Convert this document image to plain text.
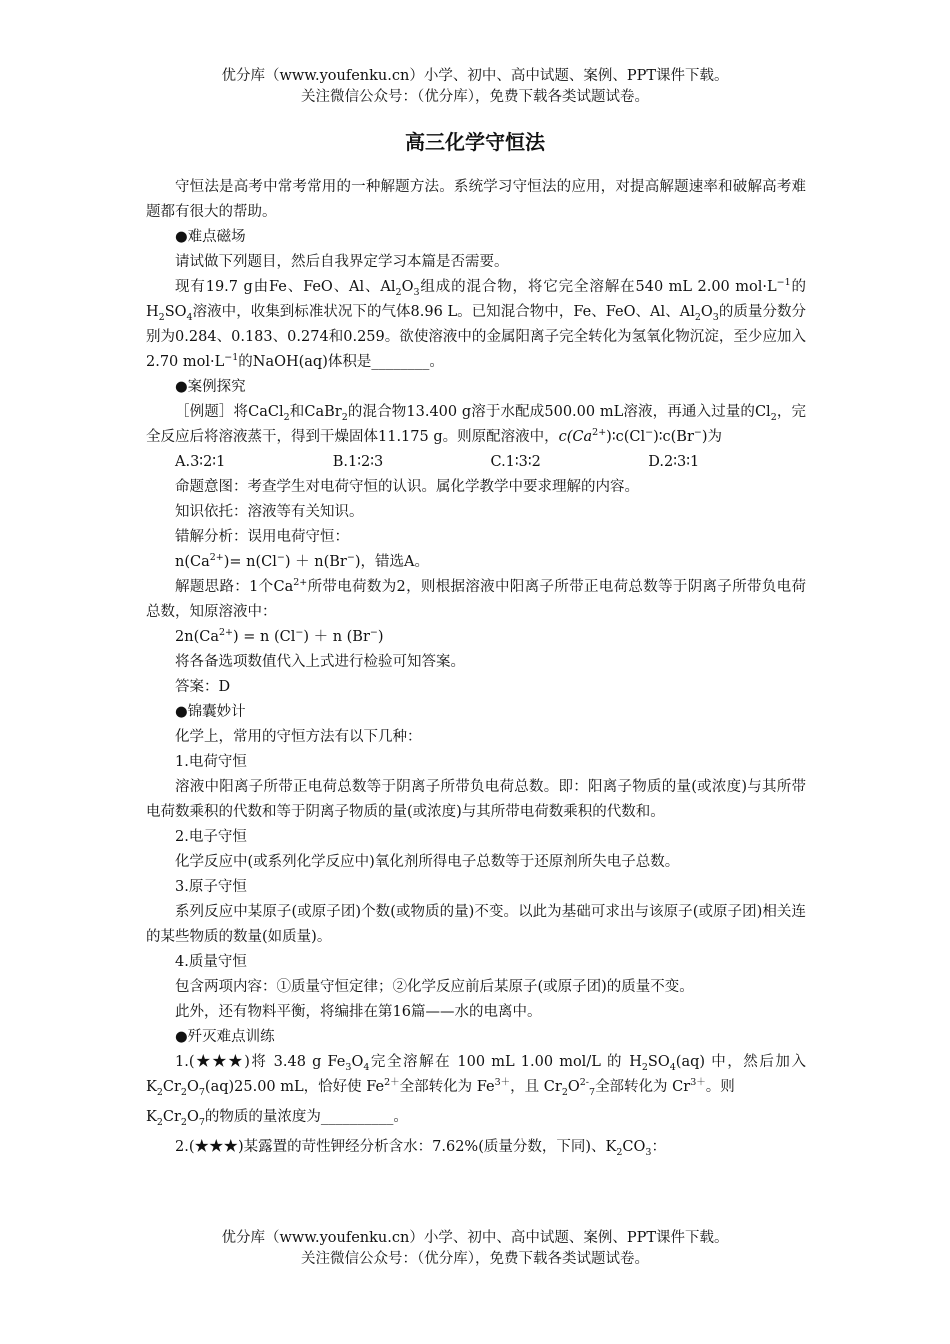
优分库（www.youfenku.cn）小学、初中、高中试题、案例、PPT课件下载。
关注微信公众号：（优分库），免费下载各类试题试卷。
高三化学守恒法

守恒法是高考中常考常用的一种解题方法。系统学习守恒法的应用，对提高解题速率和破解高考难题都有很大的帮助。

●难点磁场

请试做下列题目，然后自我界定学习本篇是否需要。

现有19.7 g由Fe、FeO、Al、$Al_2O_3$组成的混合物，将它完全溶解在540 mL 2.00 $mol\cdot L^{-1}$的$H_2SO_4$溶液中，收集到标准状况下的气体8.96 L。已知混合物中，Fe、FeO、Al、$Al_2O_3$的质量分数分别为0.284、0.183、0.274和0.259。欲使溶液中的金属阳离子完全转化为氢氧化物沉淀，至少应加入2.70 $mol\cdot L^{-1}$的NaOH(aq)体积是________。

●案例探究

［例题］将CaCl$_2$和CaBr$_2$的混合物13.400 g溶于水配成500.00 mL溶液，再通入过量的$Cl_2$，完全反应后将溶液蒸干，得到干燥固体11.175 g。则原配溶液中，$c(Ca^{2+})∶c(Cl^-)∶c(Br^-)$为

A.3∶2∶1	B.1∶2∶3	C.1∶3∶2	D.2∶3∶1

命题意图：考查学生对电荷守恒的认识。属化学教学中要求理解的内容。

知识依托：溶液等有关知识。

错解分析：误用电荷守恒：

$n(Ca^{2+})= n(Cl^-) + n(Br^-)$，错选A。

解题思路：1个$Ca^{2+}$所带电荷数为2，则根据溶液中阳离子所带正电荷总数等于阴离子所带负电荷总数，知原溶液中：

$2n(Ca^{2+}) = n$ (Cl−) ＋ n (Br−)

将各备选项数值代入上式进行检验可知答案。

答案：D

●锦囊妙计

化学上，常用的守恒方法有以下几种：

1.电荷守恒

溶液中阳离子所带正电荷总数等于阴离子所带负电荷总数。即：阳离子物质的量(或浓度)与其所带电荷数乘积的代数和等于阴离子物质的量(或浓度)与其所带电荷数乘积的代数和。

2.电子守恒

化学反应中(或系列化学反应中)氧化剂所得电子总数等于还原剂所失电子总数。

3.原子守恒

系列反应中某原子(或原子团)个数(或物质的量)不变。以此为基础可求出与该原子(或原子团)相关连的某些物质的数量(如质量)。

4.质量守恒

包含两项内容：①质量守恒定律；②化学反应前后某原子(或原子团)的质量不变。

此外，还有物料平衡，将编排在第16篇——水的电离中。

●歼灭难点训练

1.(★★★)将 3.48 g $Fe_3O_4$完全溶解在 100 mL 1.00 mol/L 的 $H_2SO_4(aq)$ 中，然后加入 $K_2Cr_2O_7(aq)25.00$ mL，恰好使 $Fe^{2+}$全部转化为 $Fe^{3+}$，且 $Cr_2O^{2-}_7$全部转化为 $Cr^{3+}$。则

$K_2Cr_2O_7$的物质的量浓度为__________。

2.(★★★)某露置的苛性钾经分析含水：7.62%(质量分数，下同)、$K_2CO_3$：

优分库（www.youfenku.cn）小学、初中、高中试题、案例、PPT课件下载。
关注微信公众号：（优分库），免费下载各类试题试卷。
